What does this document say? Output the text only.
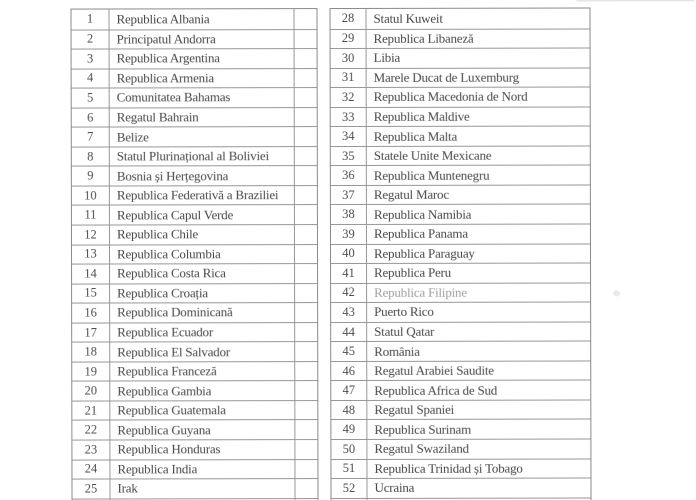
1	Republica Albania
2	Principatul Andorra
3	Republica Argentina
4	Republica Armenia
5	Comunitatea Bahamas
6	Regatul Bahrain
7	Belize
8	Statul Plurinațional al Boliviei
9	Bosnia și Herțegovina
10	Republica Federativă a Braziliei
11	Republica Capul Verde
12	Republica Chile
13	Republica Columbia
14	Republica Costa Rica
15	Republica Croația
16	Republica Dominicană
17	Republica Ecuador
18	Republica El Salvador
19	Republica Franceză
20	Republica Gambia
21	Republica Guatemala
22	Republica Guyana
23	Republica Honduras
24	Republica India
25	Irak
28	Statul Kuweit
29	Republica Libaneză
30	Libia
31	Marele Ducat de Luxemburg
32	Republica Macedonia de Nord
33	Republica Maldive
34	Republica Malta
35	Statele Unite Mexicane
36	Republica Muntenegru
37	Regatul Maroc
38	Republica Namibia
39	Republica Panama
40	Republica Paraguay
41	Republica Peru
42	Republica Filipine
43	Puerto Rico
44	Statul Qatar
45	România
46	Regatul Arabiei Saudite
47	Republica Africa de Sud
48	Regatul Spaniei
49	Republica Surinam
50	Regatul Swaziland
51	Republica Trinidad și Tobago
52	Ucraina
